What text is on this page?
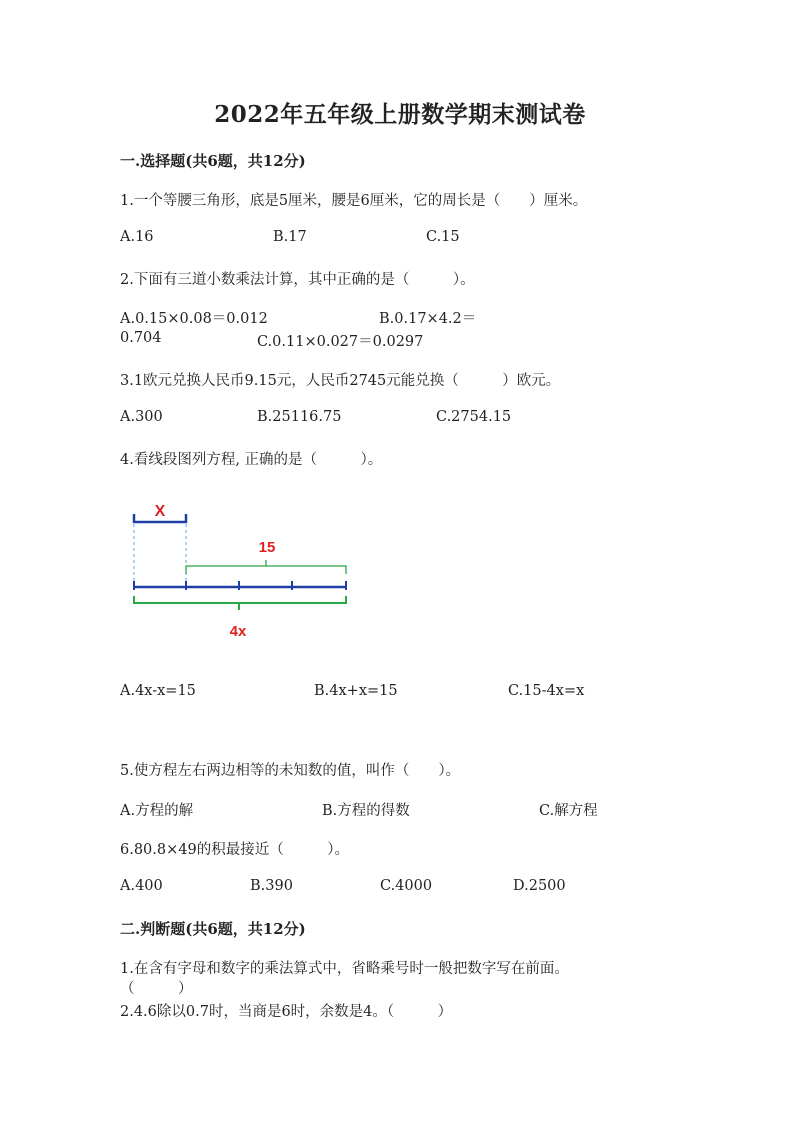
2022年五年级上册数学期末测试卷
一.选择题(共6题，共12分)
1.一个等腰三角形，底是5厘米，腰是6厘米，它的周长是（　　）厘米。
A.16	B.17	C.15
2.下面有三道小数乘法计算，其中正确的是（　　　）。
A.0.15×0.08＝0.012	B.0.17×4.2＝
0.704	C.0.11×0.027＝0.0297
3.1欧元兑换人民币9.15元，人民币2745元能兑换（　　　）欧元。
A.300	B.25116.75	C.2754.15
4.看线段图列方程, 正确的是（　　　）。
X
15
4x
A.4x-x=15	B.4x+x=15	C.15-4x=x
5.使方程左右两边相等的未知数的值，叫作（　　）。
A.方程的解	B.方程的得数	C.解方程
6.80.8×49的积最接近（　　　）。
A.400	B.390	C.4000	D.2500
二.判断题(共6题，共12分)
1.在含有字母和数字的乘法算式中，省略乘号时一般把数字写在前面。
（　　　）
2.4.6除以0.7时，当商是6时，余数是4。（　　　）
